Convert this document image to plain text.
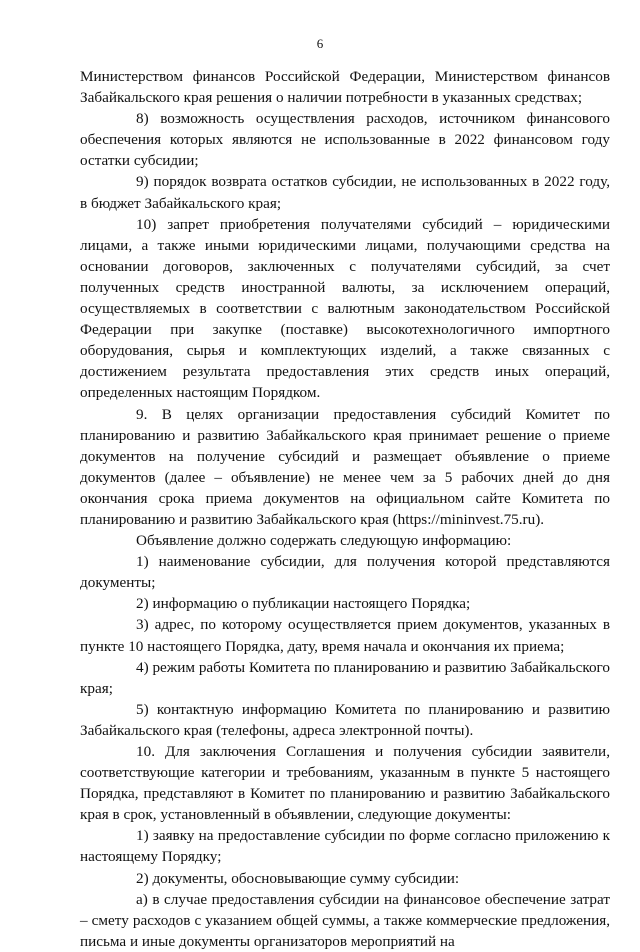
6

Министерством финансов Российской Федерации, Министерством финансов Забайкальского края решения о наличии потребности в указанных средствах;

8) возможность осуществления расходов, источником финансового обеспечения которых являются не использованные в 2022 финансовом году остатки субсидии;

9) порядок возврата остатков субсидии, не использованных в 2022 году, в бюджет Забайкальского края;

10) запрет приобретения получателями субсидий – юридическими лицами, а также иными юридическими лицами, получающими средства на основании договоров, заключенных с получателями субсидий, за счет полученных средств иностранной валюты, за исключением операций, осуществляемых в соответствии с валютным законодательством Российской Федерации при закупке (поставке) высокотехнологичного импортного оборудования, сырья и комплектующих изделий, а также связанных с достижением результата предоставления этих средств иных операций, определенных настоящим Порядком.

9. В целях организации предоставления субсидий Комитет по планированию и развитию Забайкальского края принимает решение о приеме документов на получение субсидий и размещает объявление о приеме документов (далее – объявление) не менее чем за 5 рабочих дней до дня окончания срока приема документов на официальном сайте Комитета по планированию и развитию Забайкальского края (https://mininvest.75.ru).

Объявление должно содержать следующую информацию:

1) наименование субсидии, для получения которой представляются документы;

2) информацию о публикации настоящего Порядка;

3) адрес, по которому осуществляется прием документов, указанных в пункте 10 настоящего Порядка, дату, время начала и окончания их приема;

4) режим работы Комитета по планированию и развитию Забайкальского края;

5) контактную информацию Комитета по планированию и развитию Забайкальского края (телефоны, адреса электронной почты).

10. Для заключения Соглашения и получения субсидии заявители, соответствующие категории и требованиям, указанным в пункте 5 настоящего Порядка, представляют в Комитет по планированию и развитию Забайкальского края в срок, установленный в объявлении, следующие документы:

1) заявку на предоставление субсидии по форме согласно приложению к настоящему Порядку;

2) документы, обосновывающие сумму субсидии:

а) в случае предоставления субсидии на финансовое обеспечение затрат – смету расходов с указанием общей суммы, а также коммерческие предложения, письма и иные документы организаторов мероприятий на
